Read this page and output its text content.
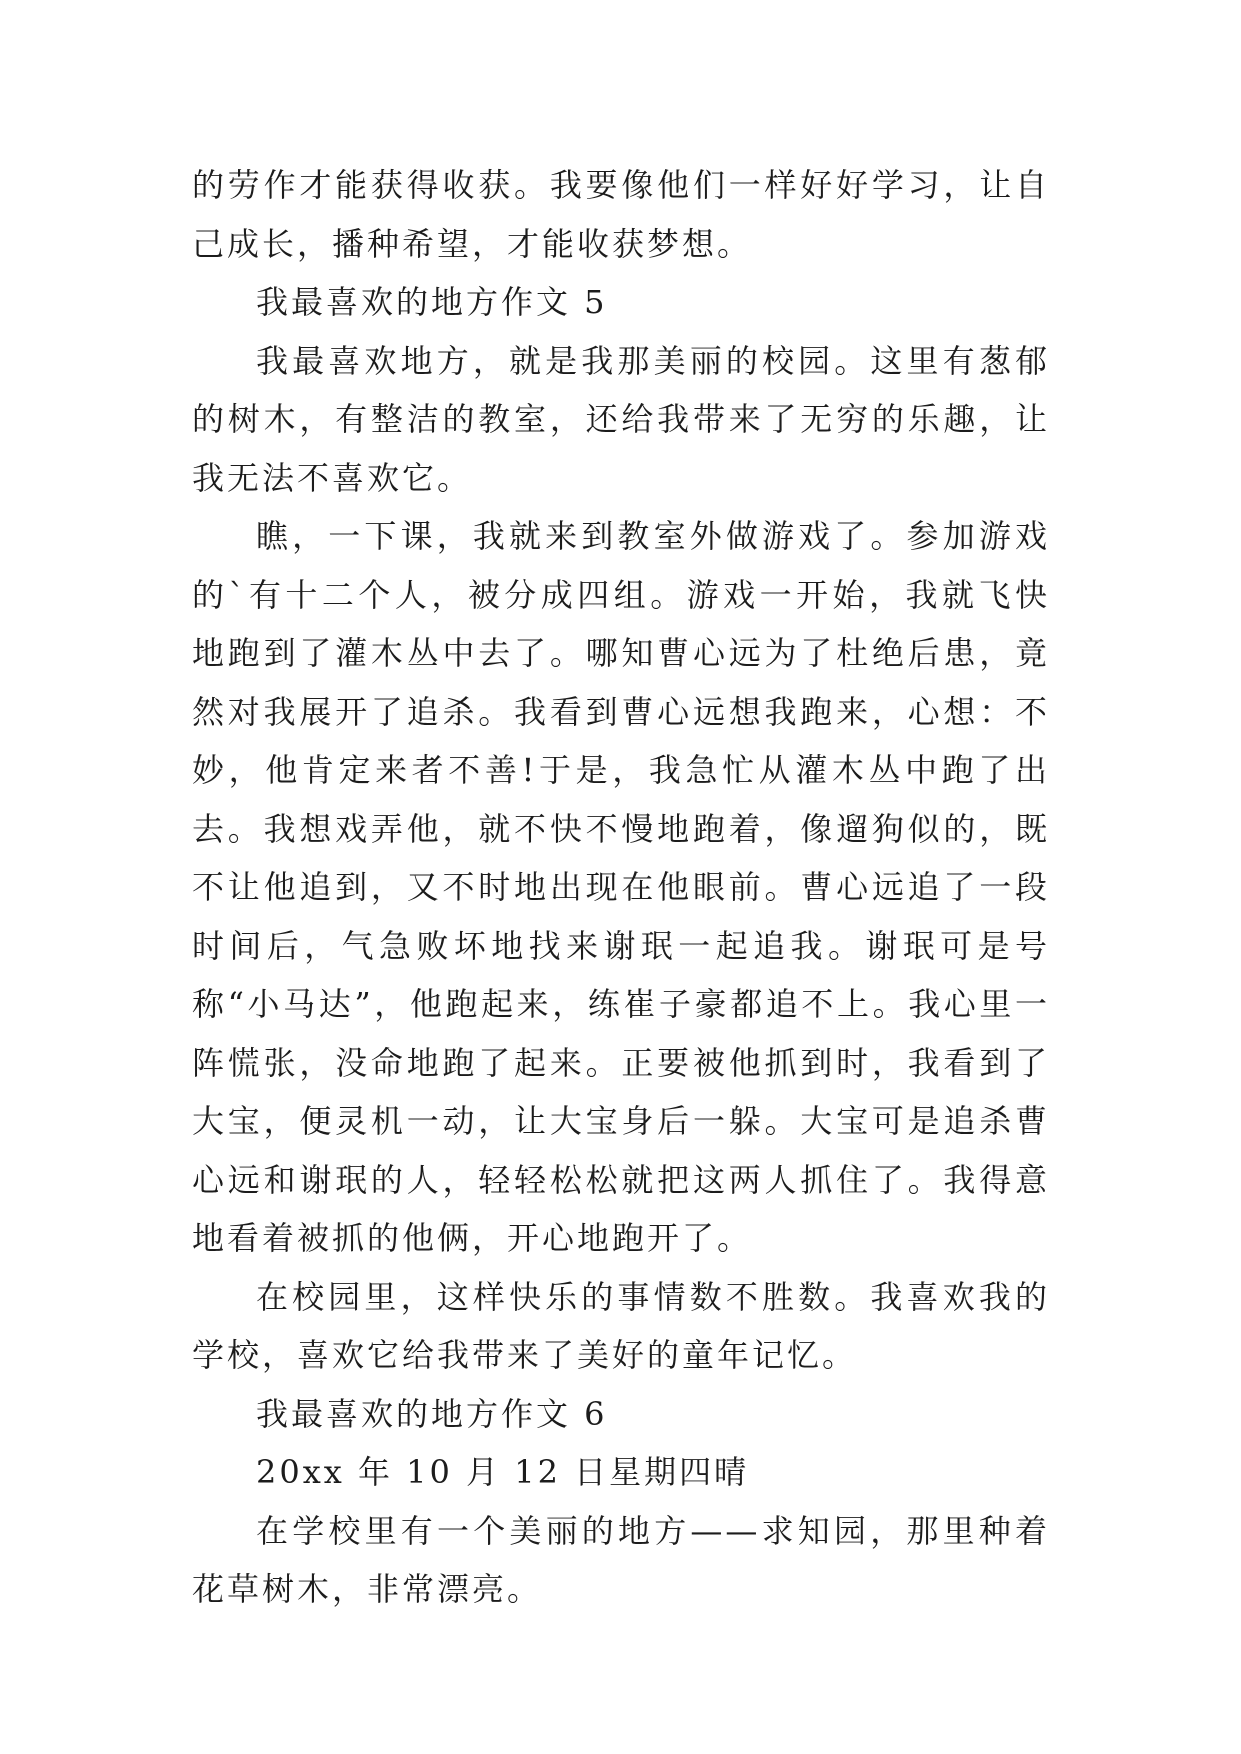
的劳作才能获得收获。我要像他们一样好好学习，让自己成长，播种希望，才能收获梦想。

我最喜欢的地方作文 5

我最喜欢地方，就是我那美丽的校园。这里有葱郁的树木，有整洁的教室，还给我带来了无穷的乐趣，让我无法不喜欢它。

瞧，一下课，我就来到教室外做游戏了。参加游戏的`有十二个人，被分成四组。游戏一开始，我就飞快地跑到了灌木丛中去了。哪知曹心远为了杜绝后患，竟然对我展开了追杀。我看到曹心远想我跑来，心想：不妙，他肯定来者不善!于是，我急忙从灌木丛中跑了出去。我想戏弄他，就不快不慢地跑着，像遛狗似的，既不让他追到，又不时地出现在他眼前。曹心远追了一段时间后，气急败坏地找来谢珉一起追我。谢珉可是号称“小马达”，他跑起来，练崔子豪都追不上。我心里一阵慌张，没命地跑了起来。正要被他抓到时，我看到了大宝，便灵机一动，让大宝身后一躲。大宝可是追杀曹心远和谢珉的人，轻轻松松就把这两人抓住了。我得意地看着被抓的他俩，开心地跑开了。

在校园里，这样快乐的事情数不胜数。我喜欢我的学校，喜欢它给我带来了美好的童年记忆。

我最喜欢的地方作文 6

20xx 年 10 月 12 日星期四晴

在学校里有一个美丽的地方——求知园，那里种着花草树木，非常漂亮。
